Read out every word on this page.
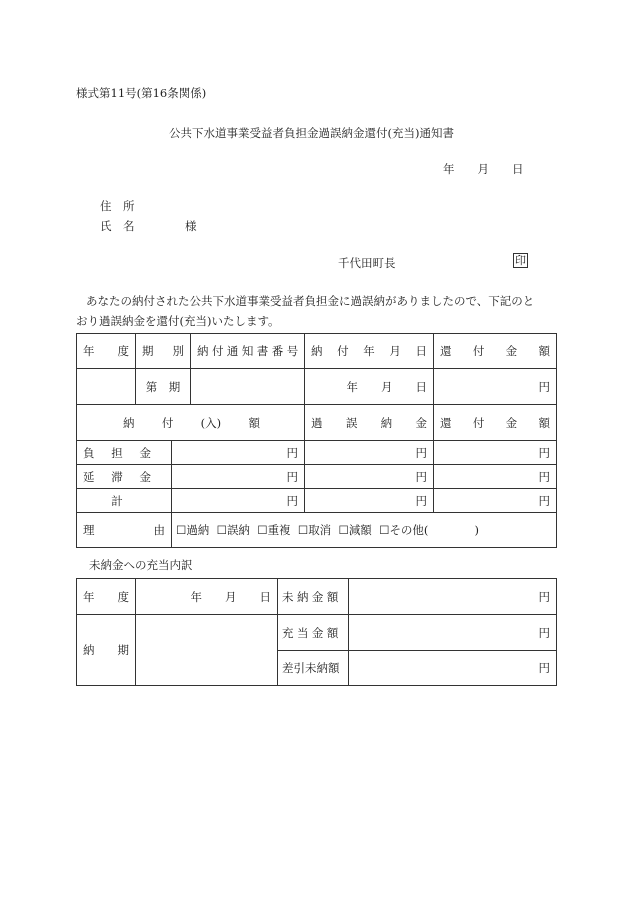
様式第11号(第16条関係)
公共下水道事業受益者負担金過誤納金還付(充当)通知書
年　　月　　日
住　所
氏　名	様
千代田町長	印
あなたの納付された公共下水道事業受益者負担金に過誤納がありましたので、下記のと
おり過誤納金を還付(充当)いたします。
年 度	期 別		納付通知書番号	納 付 年 月 日	還 付 金 額

	第　期			年　　月　　日	円

納 付 (入) 額				過 誤 納 金	還 付 金 額

負 担 金		円		円	円

延 滞 金		円		円	円
計		円		円	円

理 由
	☐過納 ☐ 誤納 ☐ 重複 ☐ 取消 ☐ 減額 ☐ その他( )
未納金への充当内訳
年 度	年　　月　　日	未納金額	円

納 期		充当金額	円
		差引未納額	円
